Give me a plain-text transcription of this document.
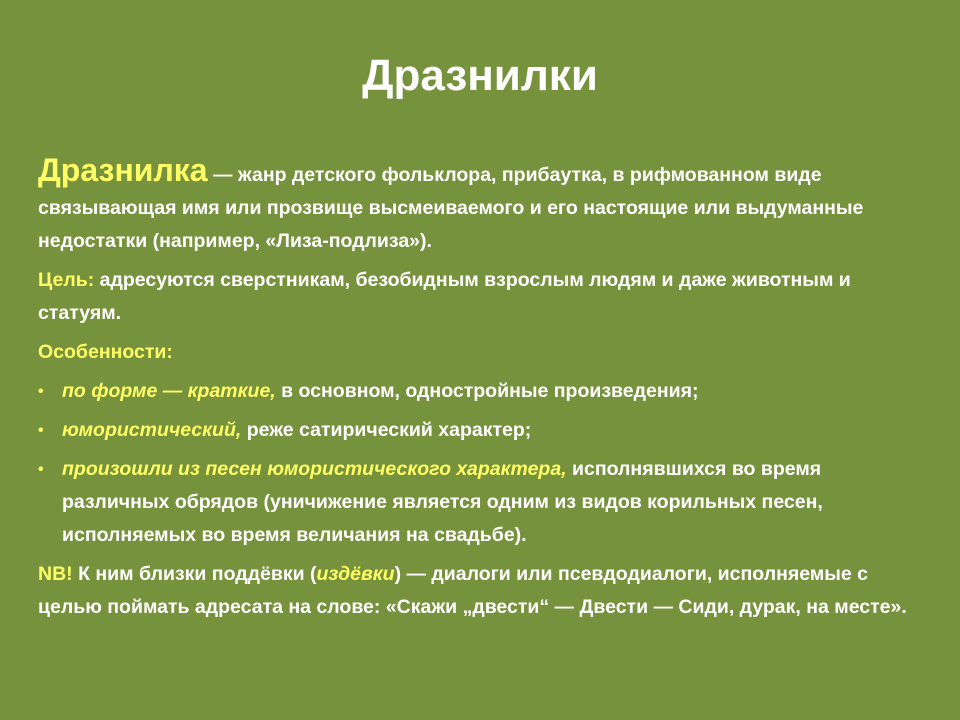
Дразнилки
Дразнилка — жанр детского фольклора, прибаутка, в рифмованном виде связывающая имя или прозвище высмеиваемого и его настоящие или выдуманные недостатки (например, «Лиза-подлиза»).
Цель: адресуются сверстникам, безобидным взрослым людям и даже животным и статуям.
Особенности:
• по форме — краткие, в основном, одностройные произведения;
• юмористический, реже сатирический характер;
• произошли из песен юмористического характера, исполнявшихся во время различных обрядов (уничижение является одним из видов корильных песен, исполняемых во время величания на свадьбе).
NB! К ним близки поддёвки (издёвки) — диалоги или псевдодиалоги, исполняемые с целью поймать адресата на слове: «Скажи „двести“ — Двести — Сиди, дурак, на месте».
